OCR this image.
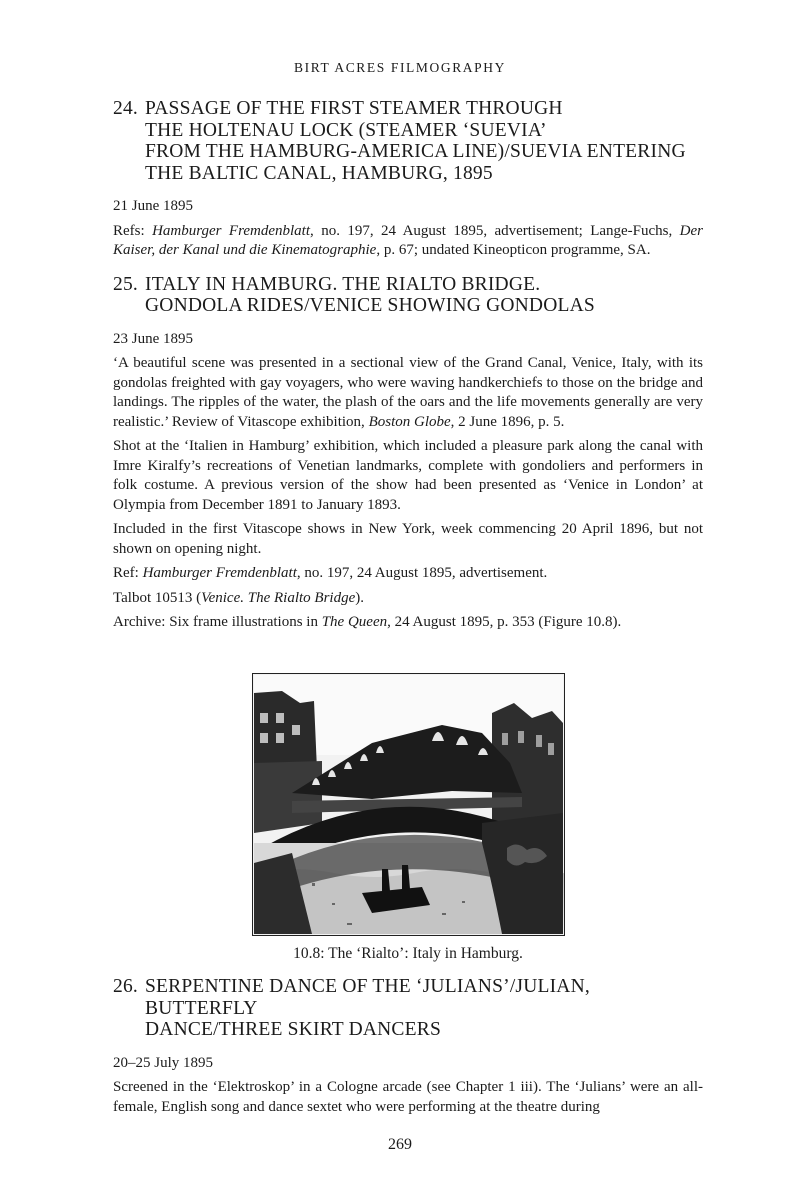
BIRT ACRES FILMOGRAPHY
24. PASSAGE OF THE FIRST STEAMER THROUGH
THE HOLTENAU LOCK (STEAMER ‘SUEVIA’
FROM THE HAMBURG-AMERICA LINE)/SUEVIA ENTERING
THE BALTIC CANAL, HAMBURG, 1895

21 June 1895

Refs: Hamburger Fremdenblatt, no. 197, 24 August 1895, advertisement; Lange-Fuchs, Der Kaiser, der Kanal und die Kinematographie, p. 67; undated Kineopticon programme, SA.

25. ITALY IN HAMBURG. THE RIALTO BRIDGE.
GONDOLA RIDES/VENICE SHOWING GONDOLAS

23 June 1895

‘A beautiful scene was presented in a sectional view of the Grand Canal, Venice, Italy, with its gondolas freighted with gay voyagers, who were waving handkerchiefs to those on the bridge and landings. The ripples of the water, the plash of the oars and the life movements generally are very realistic.’ Review of Vitascope exhibition, Boston Globe, 2 June 1896, p. 5.

Shot at the ‘Italien in Hamburg’ exhibition, which included a pleasure park along the canal with Imre Kiralfy’s recreations of Venetian landmarks, complete with gondoliers and performers in folk costume. A previous version of the show had been presented as ‘Venice in London’ at Olympia from December 1891 to January 1893.

Included in the first Vitascope shows in New York, week commencing 20 April 1896, but not shown on opening night.

Ref: Hamburger Fremdenblatt, no. 197, 24 August 1895, advertisement.

Talbot 10513 (Venice. The Rialto Bridge).

Archive: Six frame illustrations in The Queen, 24 August 1895, p. 353 (Figure 10.8).

10.8: The ‘Rialto’: Italy in Hamburg.
26. SERPENTINE DANCE OF THE ‘JULIANS’/JULIAN, BUTTERFLY
DANCE/THREE SKIRT DANCERS

20–25 July 1895

Screened in the ‘Elektroskop’ in a Cologne arcade (see Chapter 1 iii). The ‘Julians’ were an all-female, English song and dance sextet who were performing at the theatre during

269
